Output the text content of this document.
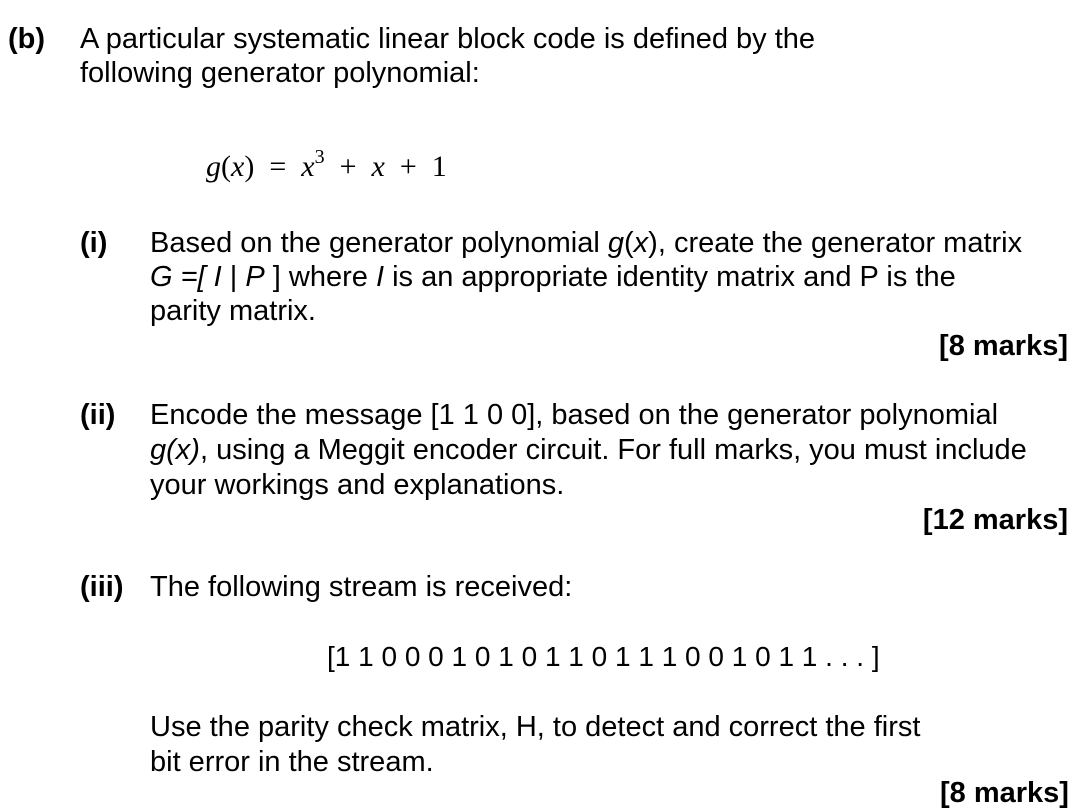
(b) A particular systematic linear block code is defined by the
following generator polynomial:
$g(x) = x^3 + x + 1$
(i) Based on the generator polynomial g(x), create the generator matrix
G =[ I | P ] where I is an appropriate identity matrix and P is the
parity matrix.
[8 marks]
(ii) Encode the message [1 1 0 0], based on the generator polynomial
g(x), using a Meggit encoder circuit. For full marks, you must include
your workings and explanations.
[12 marks]
(iii) The following stream is received:
[1 1 0 0 0 1 0 1 0 1 1 0 1 1 1 0 0 1 0 1 1 . . . ]
Use the parity check matrix, H, to detect and correct the first
bit error in the stream.
[8 marks]
